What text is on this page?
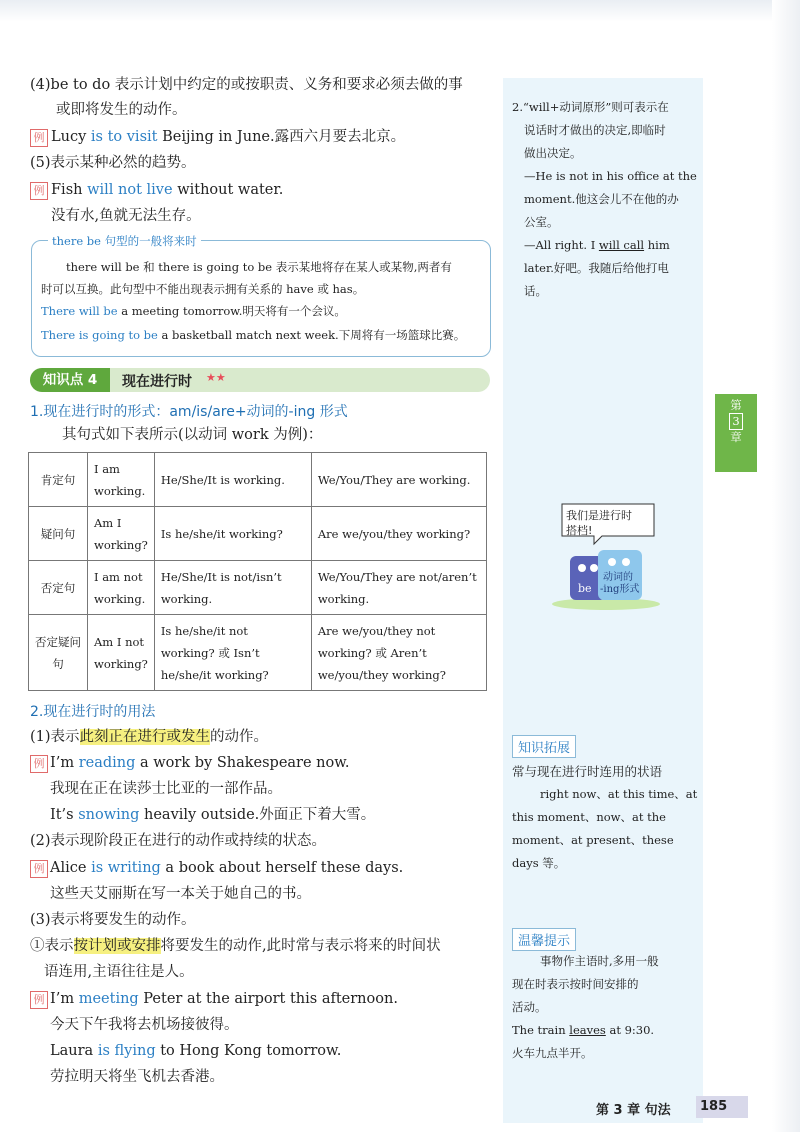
(4)be to do 表示计划中约定的或按职责、义务和要求必须去做的事
或即将发生的动作。
例 Lucy is to visit Beijing in June.露西六月要去北京。
(5)表示某种必然的趋势。
例 Fish will not live without water.
没有水,鱼就无法生存。
there be 句型的一般将来时
there will be 和 there is going to be 表示某地将存在某人或某物,两者有
时可以互换。此句型中不能出现表示拥有关系的 have 或 has。
There will be a meeting tomorrow.明天将有一个会议。
There is going to be a basketball match next week.下周将有一场篮球比赛。
知识点 4	现在进行时 ★★
1.现在进行时的形式：am/is/are+动词的-ing 形式
其句式如下表所示(以动词 work 为例)：
肯定句	I am working.	He/She/It is working.	We/You/They are working.
疑问句	Am I working?	Is he/she/it working?	Are we/you/they working?
否定句	I am not working.	He/She/It is not/isn’t working.	We/You/They are not/aren’t working.
否定疑问句	Am I not working?	Is he/she/it not working? 或 Isn’t he/she/it working?	Are we/you/they not working? 或 Aren’t we/you/they working?
2.现在进行时的用法
(1)表示此刻正在进行或发生的动作。
例 I’m reading a work by Shakespeare now.
我现在正在读莎士比亚的一部作品。
It’s snowing heavily outside.外面正下着大雪。
(2)表示现阶段正在进行的动作或持续的状态。
例 Alice is writing a book about herself these days.
这些天艾丽斯在写一本关于她自己的书。
(3)表示将要发生的动作。
①表示按计划或安排将要发生的动作,此时常与表示将来的时间状
语连用,主语往往是人。
例 I’m meeting Peter at the airport this afternoon.
今天下午我将去机场接彼得。
Laura is flying to Hong Kong tomorrow.
劳拉明天将坐飞机去香港。
2.“will+动词原形”则可表示在
说话时才做出的决定,即临时
做出决定。
—He is not in his office at the
moment.他这会儿不在他的办
公室。
—All right. I will call him
later.好吧。我随后给他打电
话。
第
3
章
我们是进行时
搭档!
be
动词的
-ing形式
知识拓展
常与现在进行时连用的状语
right now、at this time、at
this moment、now、at the
moment、at present、these
days 等。
温馨提示
事物作主语时,多用一般
现在时表示按时间安排的
活动。
The train leaves at 9:30.
火车九点半开。
第 3 章 句法	185
